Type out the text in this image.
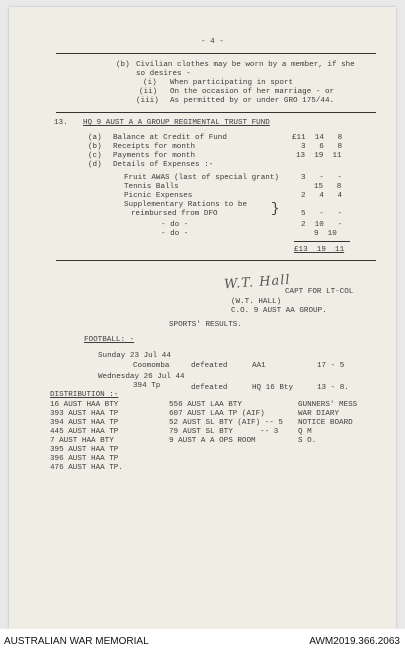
- 4 -
(b) Civilian clothes may be worn by a member, if she
so desires -
(i) When participating in sport
(ii) On the occasion of her marriage - or
(iii) As permitted by or under GRO 175/44.
13. HQ 9 AUST A A GROUP REGIMENTAL TRUST FUND
(a) Balance at Credit of Fund	£11  14   8
(b) Receipts for month	3   6   8
(c) Payments for month	13  19  11
(d) Details of Expenses :-
Fruit AWAS (last of special grant)	3   -   -
Tennis Balls	15   8
Picnic Expenses	2   4   4
Supplementary Rations to be
reimbursed from DFO	}	5   -   -
- do -	2  10   -
- do -	9  10
£13  19  11
W.T. Hall
CAPT FOR LT-COL
(W.T. HALL)
C.O. 9 AUST AA GROUP.
SPORTS' RESULTS.
FOOTBALL: -
Sunday 23 Jul 44
Coomomba	defeated	AA1	17 - 5
Wednesday 26 Jul 44
394 Tp	defeated	HQ 16 Bty	13 - 8.
DISTRIBUTION :-
16 AUST HAA BTY
393 AUST HAA TP
394 AUST HAA TP
445 AUST HAA TP
7 AUST HAA BTY
395 AUST HAA TP
396 AUST HAA TP
476 AUST HAA TP.
556 AUST LAA BTY
607 AUST LAA TP (AIF)
52 AUST SL BTY (AIF) -- 5
79 AUST SL BTY      -- 3
9 AUST A A OPS ROOM
GUNNERS' MESS
WAR DIARY
NOTICE BOARD
Q M
S O.
AUSTRALIAN WAR MEMORIAL	AWM2019.366.2063
